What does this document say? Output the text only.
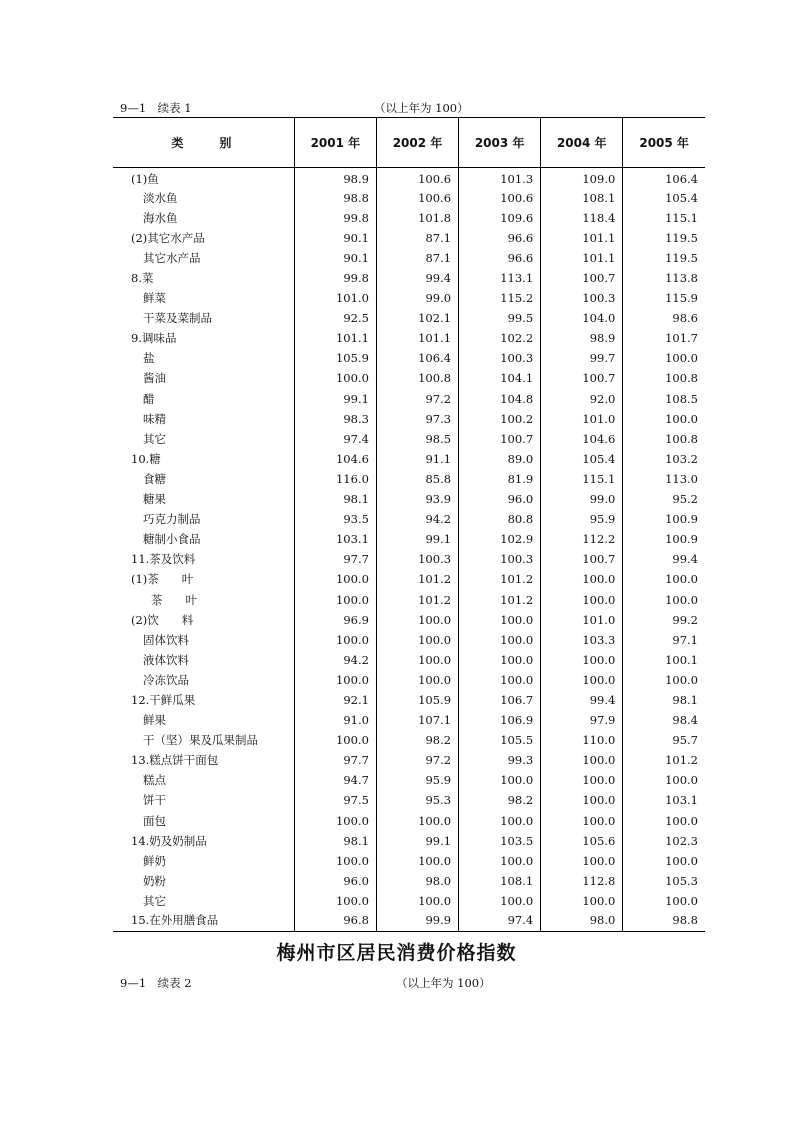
9—1　续表 1	（以上年为 100）
类　　别	2001 年	2002 年	2003 年	2004 年	2005 年
(1)鱼	98.9	100.6	101.3	109.0	106.4
淡水鱼	98.8	100.6	100.6	108.1	105.4
海水鱼	99.8	101.8	109.6	118.4	115.1
(2)其它水产品	90.1	87.1	96.6	101.1	119.5
其它水产品	90.1	87.1	96.6	101.1	119.5
8.菜	99.8	99.4	113.1	100.7	113.8
鲜菜	101.0	99.0	115.2	100.3	115.9
干菜及菜制品	92.5	102.1	99.5	104.0	98.6
9.调味品	101.1	101.1	102.2	98.9	101.7
盐	105.9	106.4	100.3	99.7	100.0
酱油	100.0	100.8	104.1	100.7	100.8
醋	99.1	97.2	104.8	92.0	108.5
味精	98.3	97.3	100.2	101.0	100.0
其它	97.4	98.5	100.7	104.6	100.8
10.糖	104.6	91.1	89.0	105.4	103.2
食糖	116.0	85.8	81.9	115.1	113.0
糖果	98.1	93.9	96.0	99.0	95.2
巧克力制品	93.5	94.2	80.8	95.9	100.9
糖制小食品	103.1	99.1	102.9	112.2	100.9
11.茶及饮料	97.7	100.3	100.3	100.7	99.4
(1)茶　　叶	100.0	101.2	101.2	100.0	100.0
茶　　叶	100.0	101.2	101.2	100.0	100.0
(2)饮　　料	96.9	100.0	100.0	101.0	99.2
固体饮料	100.0	100.0	100.0	103.3	97.1
液体饮料	94.2	100.0	100.0	100.0	100.1
冷冻饮品	100.0	100.0	100.0	100.0	100.0
12.干鲜瓜果	92.1	105.9	106.7	99.4	98.1
鲜果	91.0	107.1	106.9	97.9	98.4
干（坚）果及瓜果制品	100.0	98.2	105.5	110.0	95.7
13.糕点饼干面包	97.7	97.2	99.3	100.0	101.2
糕点	94.7	95.9	100.0	100.0	100.0
饼干	97.5	95.3	98.2	100.0	103.1
面包	100.0	100.0	100.0	100.0	100.0
14.奶及奶制品	98.1	99.1	103.5	105.6	102.3
鲜奶	100.0	100.0	100.0	100.0	100.0
奶粉	96.0	98.0	108.1	112.8	105.3
其它	100.0	100.0	100.0	100.0	100.0
15.在外用膳食品	96.8	99.9	97.4	98.0	98.8
梅州市区居民消费价格指数
9—1　续表 2	（以上年为 100）
